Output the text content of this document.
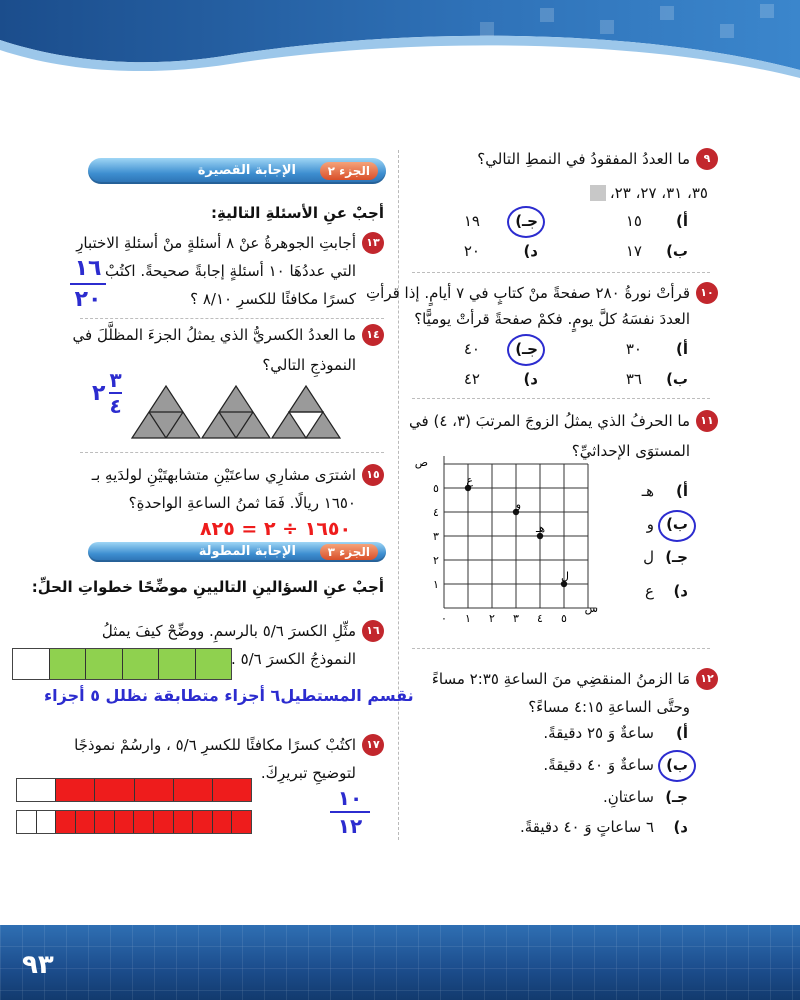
٩
ما العددُ المفقودُ في النمطِ التالي؟
٣٥، ٣١، ٢٧، ٢٣،
أ)
١٥
ب)
١٧
جـ)
١٩
د)
٢٠
١٠
قرأتْ نورةُ ٢٨٠ صفحةً منْ كتابٍ في ٧ أيامٍ. إذا قرأتِ
العددَ نفسَهُ كلَّ يومٍ. فكمْ صفحةً قرأتْ يوميًّا؟
أ)
٣٠
ب)
٣٦
جـ)
٤٠
د)
٤٢
١١
ما الحرفُ الذي يمثلُ الزوجَ المرتبَ (٣، ٤) في
المستوَى الإحداثيِّ؟
أ)
هـ
ب)
و
جـ)
ل
د)
ع
٠ ١ ٢ ٣ ٤ ٥
١
٢
٣
٤
٥
س
ص
ع
و
هـ
ل
١٢
مَا الزمنُ المنقضِي منَ الساعةِ ٢:٣٥ مساءً
وحتَّى الساعةِ ٤:١٥ مساءً؟
أ)
ساعةٌ وَ ٢٥ دقيقةً.
ب)
ساعةٌ وَ ٤٠ دقيقةً.
جـ)
ساعتانِ.
د)
٦ ساعاتٍ وَ ٤٠ دقيقةً.
الجزء ٢
الإجابة القصيرة
أجبْ عنِ الأسئلةِ التاليةِ:
١٣
أجابتِ الجوهرةُ عنْ ٨ أسئلةٍ منْ أسئلةِ الاختبارِ
التي عددُهَا ١٠ أسئلةٍ إجابةً صحيحةً. اكتُبْ
كسرًا مكافئًا للكسرِ ٨/١٠ ؟
١٦
٢٠
١٤
ما العددُ الكسريُّ الذي يمثلُ الجزءَ المظلَّلَ في
النموذجِ التالي؟
٢
٣
٤
١٥
اشترَى مشارِي ساعتَيْنِ متشابهتَيْنِ لولدَيهِ بـ
١٦٥٠ ريالًا. فَمَا ثمنُ الساعةِ الواحدةِ؟
١٦٥٠ ÷ ٢ = ٨٢٥
الجزء ٣
الإجابة المطولة
أجبْ عنِ السؤالينِ التاليينِ موضِّحًا خطواتِ الحلِّ:
١٦
مثِّلِ الكسرَ ٥/٦ بالرسمِ. ووضِّحْ كيفَ يمثلُ
النموذجُ الكسرَ ٥/٦ .
نقسم المستطيل٦ أجزاء متطابقة نظلل ٥ أجزاء
١٧
اكتُبْ كسرًا مكافئًا للكسرِ ٥/٦ ، وارسُمْ نموذجًا
لتوضيحِ تبريرِكَ.
١٠
١٢
٩٣
